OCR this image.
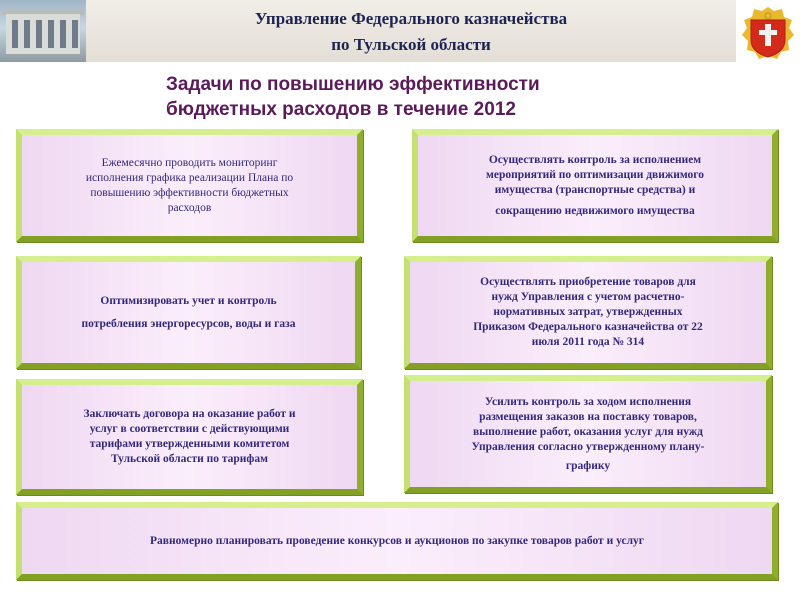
Управление Федерального казначейства
по Тульской области
Задачи по повышению эффективности
бюджетных расходов в течение 2012
Ежемесячно проводить мониторинг
исполнения графика реализации Плана по
повышению эффективности бюджетных
расходов
Осуществлять контроль за исполнением
мероприятий по оптимизации движимого
имущества (транспортные средства) и
сокращению недвижимого имущества
Оптимизировать учет и контроль
потребления энергоресурсов, воды и газа
Осуществлять приобретение товаров для
нужд Управления с учетом расчетно-
нормативных затрат, утвержденных
Приказом Федерального казначейства от 22
июля 2011 года № 314
Заключать договора на оказание работ и
услуг в соответствии с действующими
тарифами утвержденными комитетом
Тульской области по тарифам
Усилить контроль за ходом исполнения
размещения заказов на поставку товаров,
выполнение работ, оказания услуг для нужд
Управления согласно утвержденному плану-
графику
Равномерно планировать проведение конкурсов и аукционов по закупке товаров работ и услуг
